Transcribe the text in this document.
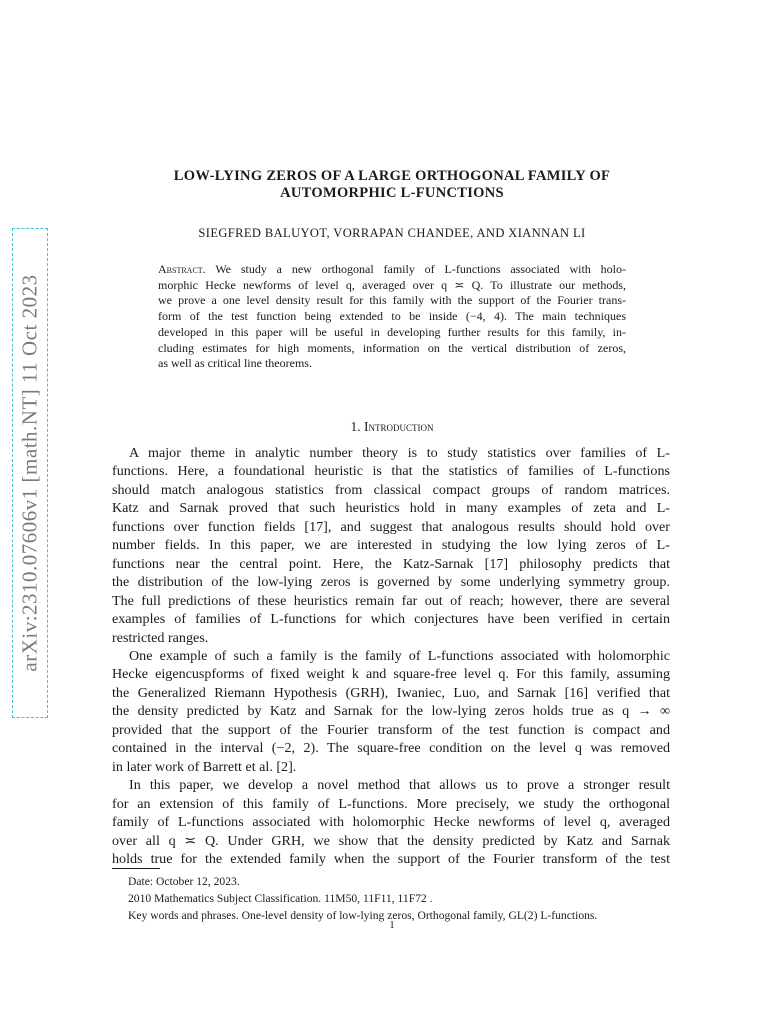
arXiv:2310.07606v1 [math.NT] 11 Oct 2023
LOW-LYING ZEROS OF A LARGE ORTHOGONAL FAMILY OF
AUTOMORPHIC L-FUNCTIONS
SIEGFRED BALUYOT, VORRAPAN CHANDEE, AND XIANNAN LI
Abstract. We study a new orthogonal family of L-functions associated with holo-
morphic Hecke newforms of level q, averaged over q ≍ Q. To illustrate our methods,
we prove a one level density result for this family with the support of the Fourier trans-
form of the test function being extended to be inside (−4, 4). The main techniques
developed in this paper will be useful in developing further results for this family, in-
cluding estimates for high moments, information on the vertical distribution of zeros,
as well as critical line theorems.
1. Introduction
A major theme in analytic number theory is to study statistics over families of L-
functions. Here, a foundational heuristic is that the statistics of families of L-functions
should match analogous statistics from classical compact groups of random matrices.
Katz and Sarnak proved that such heuristics hold in many examples of zeta and L-
functions over function fields [17], and suggest that analogous results should hold over
number fields. In this paper, we are interested in studying the low lying zeros of L-
functions near the central point. Here, the Katz-Sarnak [17] philosophy predicts that
the distribution of the low-lying zeros is governed by some underlying symmetry group.
The full predictions of these heuristics remain far out of reach; however, there are several
examples of families of L-functions for which conjectures have been verified in certain
restricted ranges.
One example of such a family is the family of L-functions associated with holomorphic
Hecke eigencuspforms of fixed weight k and square-free level q. For this family, assuming
the Generalized Riemann Hypothesis (GRH), Iwaniec, Luo, and Sarnak [16] verified that
the density predicted by Katz and Sarnak for the low-lying zeros holds true as q → ∞
provided that the support of the Fourier transform of the test function is compact and
contained in the interval (−2, 2). The square-free condition on the level q was removed
in later work of Barrett et al. [2].
In this paper, we develop a novel method that allows us to prove a stronger result
for an extension of this family of L-functions. More precisely, we study the orthogonal
family of L-functions associated with holomorphic Hecke newforms of level q, averaged
over all q ≍ Q. Under GRH, we show that the density predicted by Katz and Sarnak
holds true for the extended family when the support of the Fourier transform of the test
Date: October 12, 2023.
2010 Mathematics Subject Classification. 11M50, 11F11, 11F72 .
Key words and phrases. One-level density of low-lying zeros, Orthogonal family, GL(2) L-functions.
1
